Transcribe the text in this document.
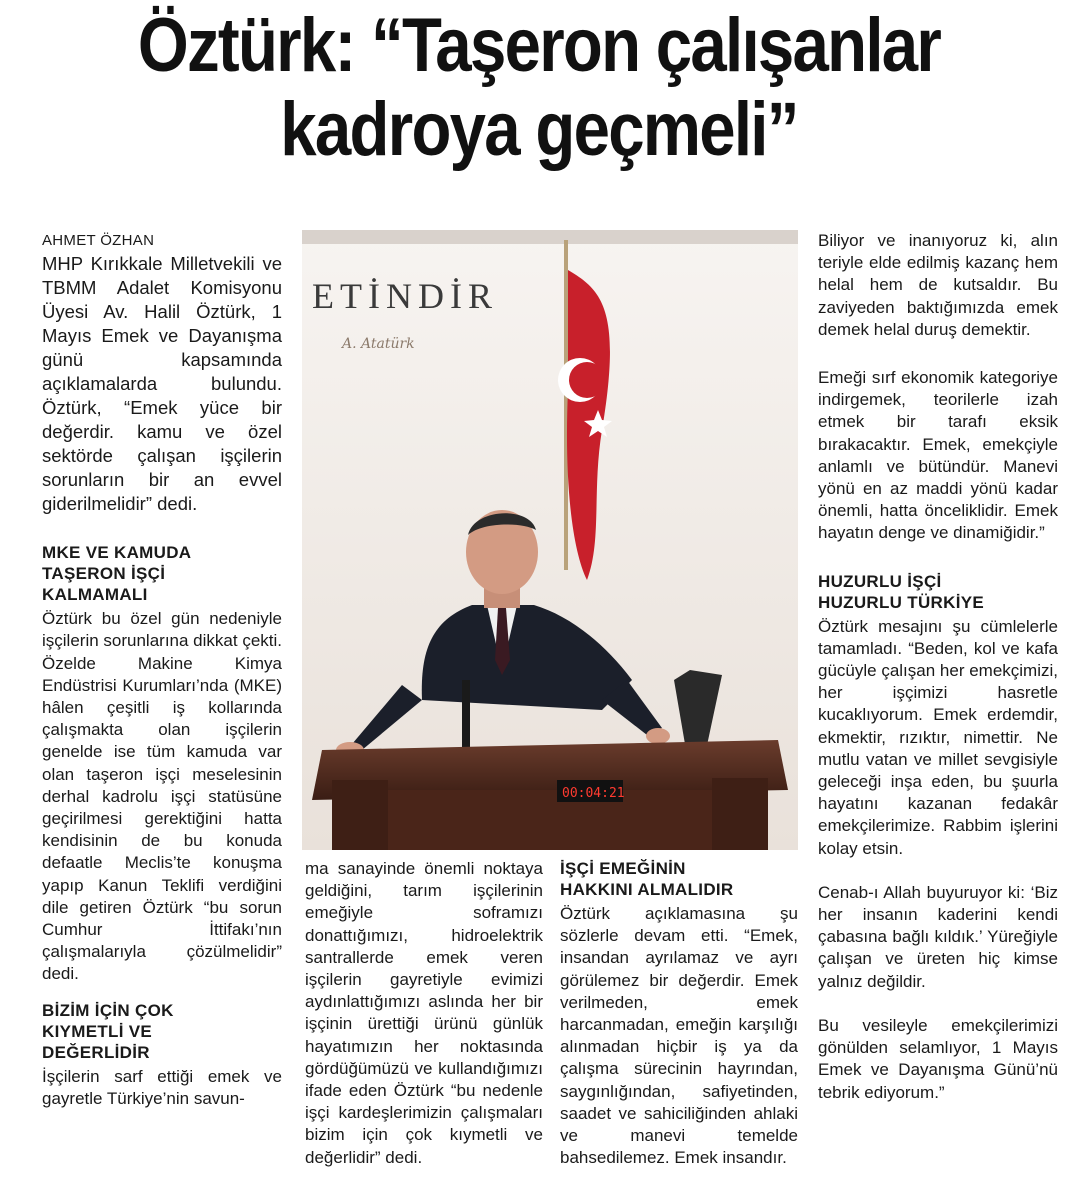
Öztürk: “Taşeron çalışanlar
kadroya geçmeli”
AHMET ÖZHAN

MHP Kırıkkale Milletvekili ve TBMM Adalet Komisyonu Üyesi Av. Halil Öztürk, 1 Mayıs Emek ve Dayanışma günü kapsamında açıklamalarda bulundu. Öztürk, “Emek yüce bir değerdir. kamu ve özel sektörde çalışan işçilerin sorunların bir an evvel giderilmelidir” dedi.

MKE VE KAMUDA TAŞERON İŞÇİ KALMAMALI

Öztürk bu özel gün nedeniyle işçilerin sorunlarına dikkat çekti. Özelde Makine Kimya Endüstrisi Kurumları’nda (MKE) hâlen çeşitli iş kollarında çalışmakta olan işçilerin genelde ise tüm kamuda var olan taşeron işçi meselesinin derhal kadrolu işçi statüsüne geçirilmesi gerektiğini hatta kendisinin de bu konuda defaatle Meclis’te konuşma yapıp Kanun Teklifi verdiğini dile getiren Öztürk “bu sorun Cumhur İttifakı’nın çalışmalarıyla çözülmelidir” dedi.

BİZİM İÇİN ÇOK KIYMETLİ VE DEĞERLİDİR

İşçilerin sarf ettiği emek ve gayretle Türkiye’nin savun-

ETİNDİR
A. Atatürk
00:04:21

ma sanayinde önemli noktaya geldiğini, tarım işçilerinin emeğiyle soframızı donattığımızı, hidroelektrik santrallerde emek veren işçilerin gayretiyle evimizi aydınlattığımızı aslında her bir işçinin ürettiği ürünü günlük hayatımızın her noktasında gördüğümüzü ve kullandığımızı ifade eden Öztürk “bu nedenle işçi kardeşlerimizin çalışmaları bizim için çok kıymetli ve değerlidir” dedi.

İŞÇİ EMEĞİNİN HAKKINI ALMALIDIR

Öztürk açıklamasına şu sözlerle devam etti. “Emek, insandan ayrılamaz ve ayrı görülemez bir değerdir. Emek verilmeden, emek harcanmadan, emeğin karşılığı alınmadan hiçbir iş ya da çalışma sürecinin hayrından, saygınlığından, safiyetinden, saadet ve sahiciliğinden ahlaki ve manevi temelde bahsedilemez. Emek insandır.

Biliyor ve inanıyoruz ki, alın teriyle elde edilmiş kazanç hem helal hem de kutsaldır. Bu zaviyeden baktığımızda emek demek helal duruş demektir.

Emeği sırf ekonomik kategoriye indirgemek, teorilerle izah etmek bir tarafı eksik bırakacaktır. Emek, emekçiyle anlamlı ve bütündür. Manevi yönü en az maddi yönü kadar önemli, hatta önceliklidir. Emek hayatın denge ve dinamiğidir.”

HUZURLU İŞÇİ HUZURLU TÜRKİYE

Öztürk mesajını şu cümlelerle tamamladı. “Beden, kol ve kafa gücüyle çalışan her emekçimizi, her işçimizi hasretle kucaklıyorum. Emek erdemdir, ekmektir, rızıktır, nimettir. Ne mutlu vatan ve millet sevgisiyle geleceği inşa eden, bu şuurla hayatını kazanan fedakâr emekçilerimize. Rabbim işlerini kolay etsin.

Cenab-ı Allah buyuruyor ki: ‘Biz her insanın kaderini kendi çabasına bağlı kıldık.’ Yüreğiyle çalışan ve üreten hiç kimse yalnız değildir.

Bu vesileyle emekçilerimizi gönülden selamlıyor, 1 Mayıs Emek ve Dayanışma Günü’nü tebrik ediyorum.”
